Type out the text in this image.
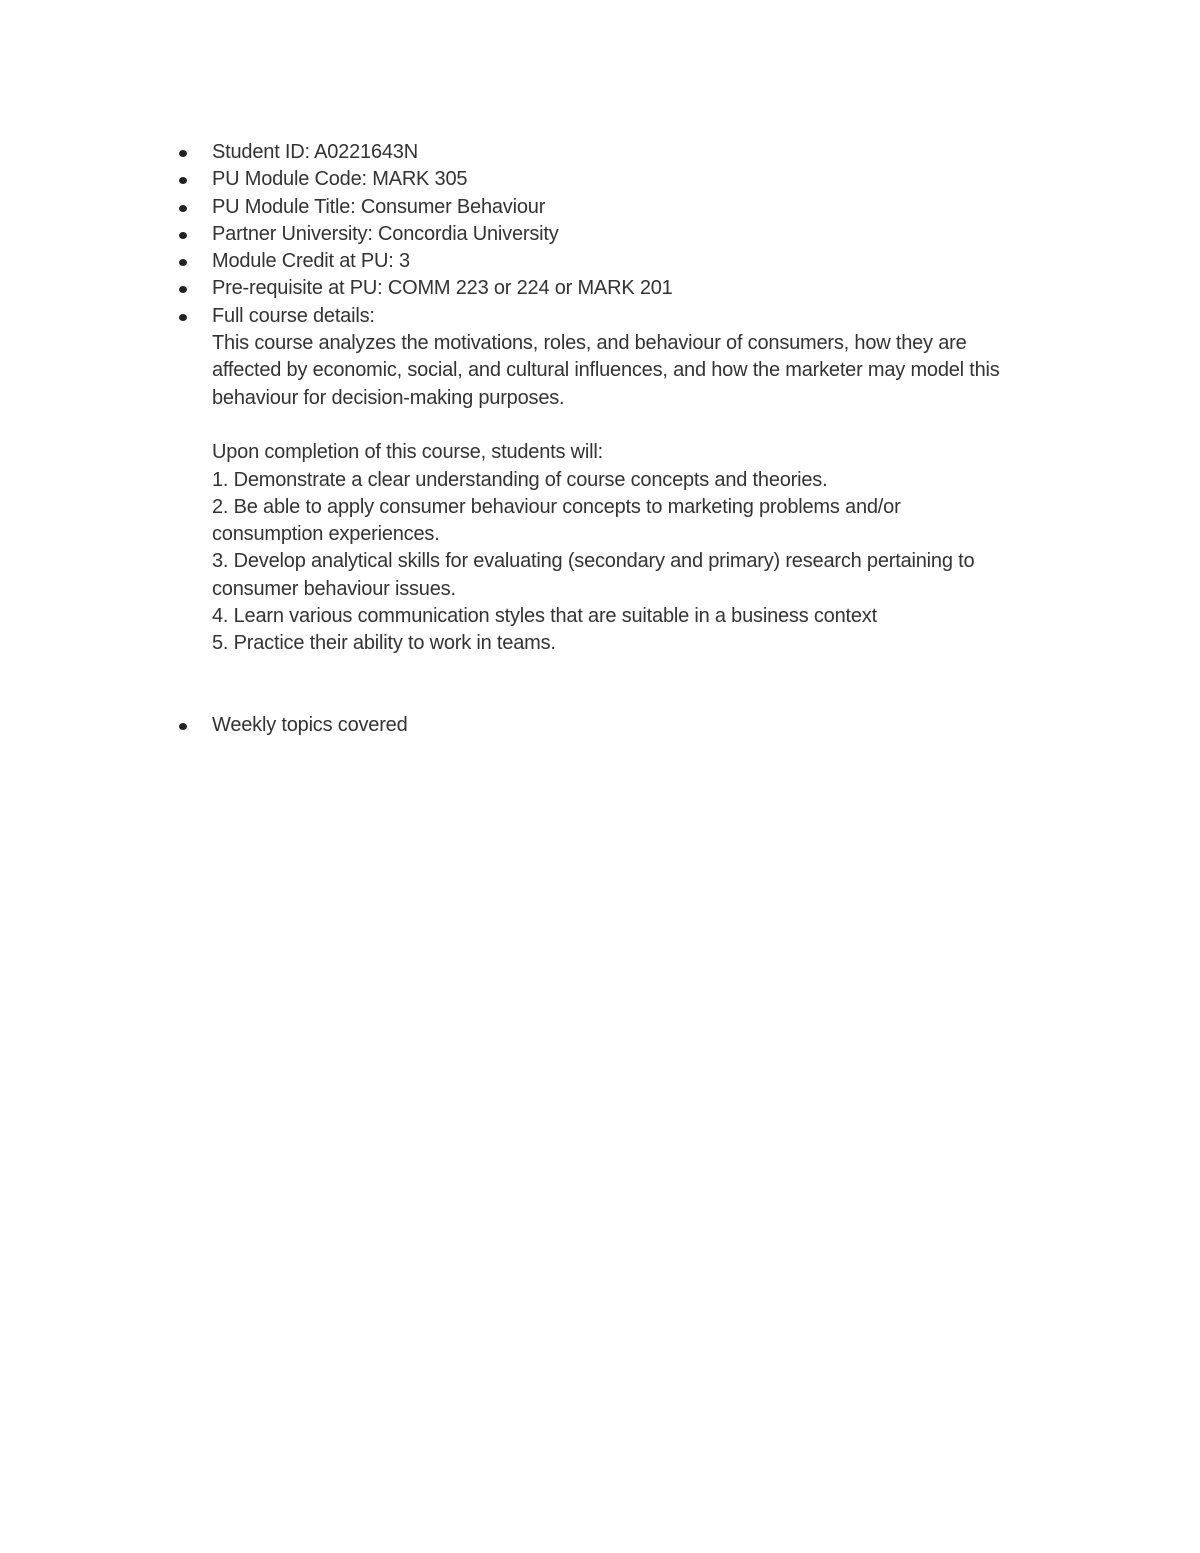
Student ID: A0221643N
PU Module Code: MARK 305
PU Module Title: Consumer Behaviour
Partner University: Concordia University
Module Credit at PU: 3
Pre-requisite at PU: COMM 223 or 224 or MARK 201
Full course details:
This course analyzes the motivations, roles, and behaviour of consumers, how they are
affected by economic, social, and cultural influences, and how the marketer may model this
behaviour for decision-making purposes.
Upon completion of this course, students will:
1. Demonstrate a clear understanding of course concepts and theories.
2. Be able to apply consumer behaviour concepts to marketing problems and/or
consumption experiences.
3. Develop analytical skills for evaluating (secondary and primary) research pertaining to
consumer behaviour issues.
4. Learn various communication styles that are suitable in a business context
5. Practice their ability to work in teams.
Weekly topics covered
